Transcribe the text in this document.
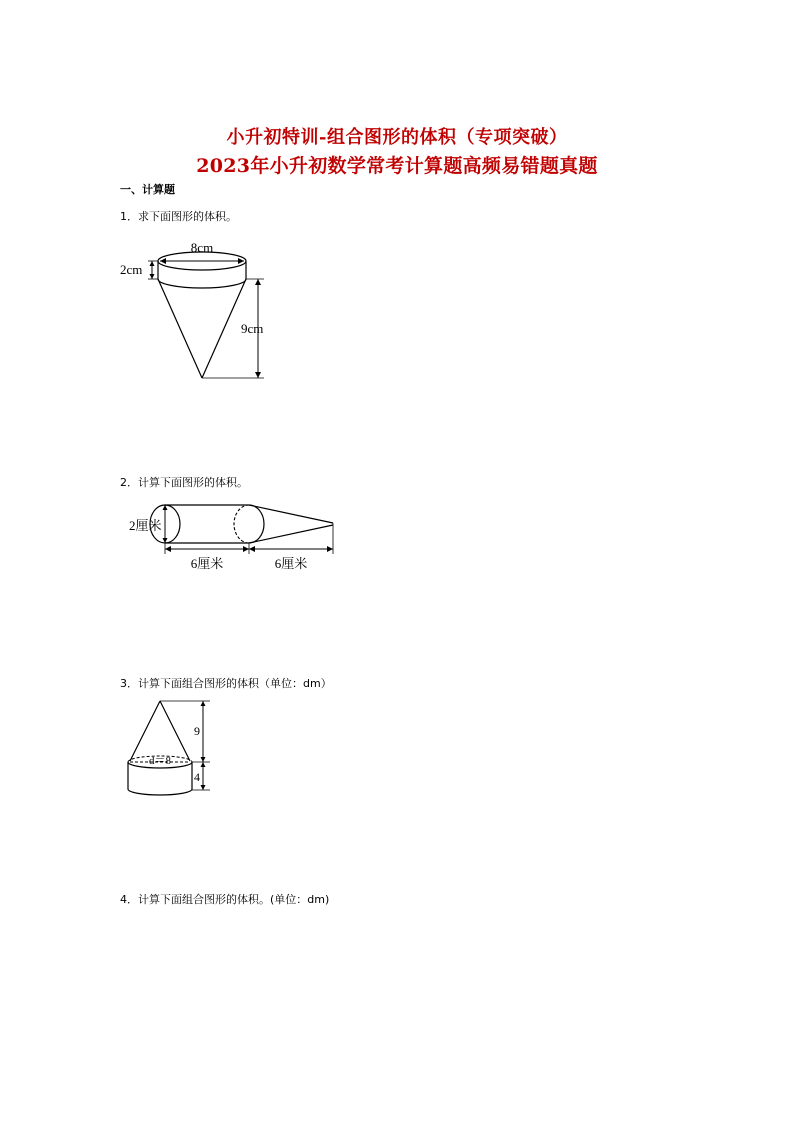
小升初特训-组合图形的体积（专项突破）
2023年小升初数学常考计算题高频易错题真题
一、计算题
1．求下面图形的体积。
8cm
2cm
9cm
2．计算下面图形的体积。
2厘米
6厘米	6厘米
3．计算下面组合图形的体积（单位：dm）
d＝8
9
4
4．计算下面组合图形的体积。(单位：dm)
